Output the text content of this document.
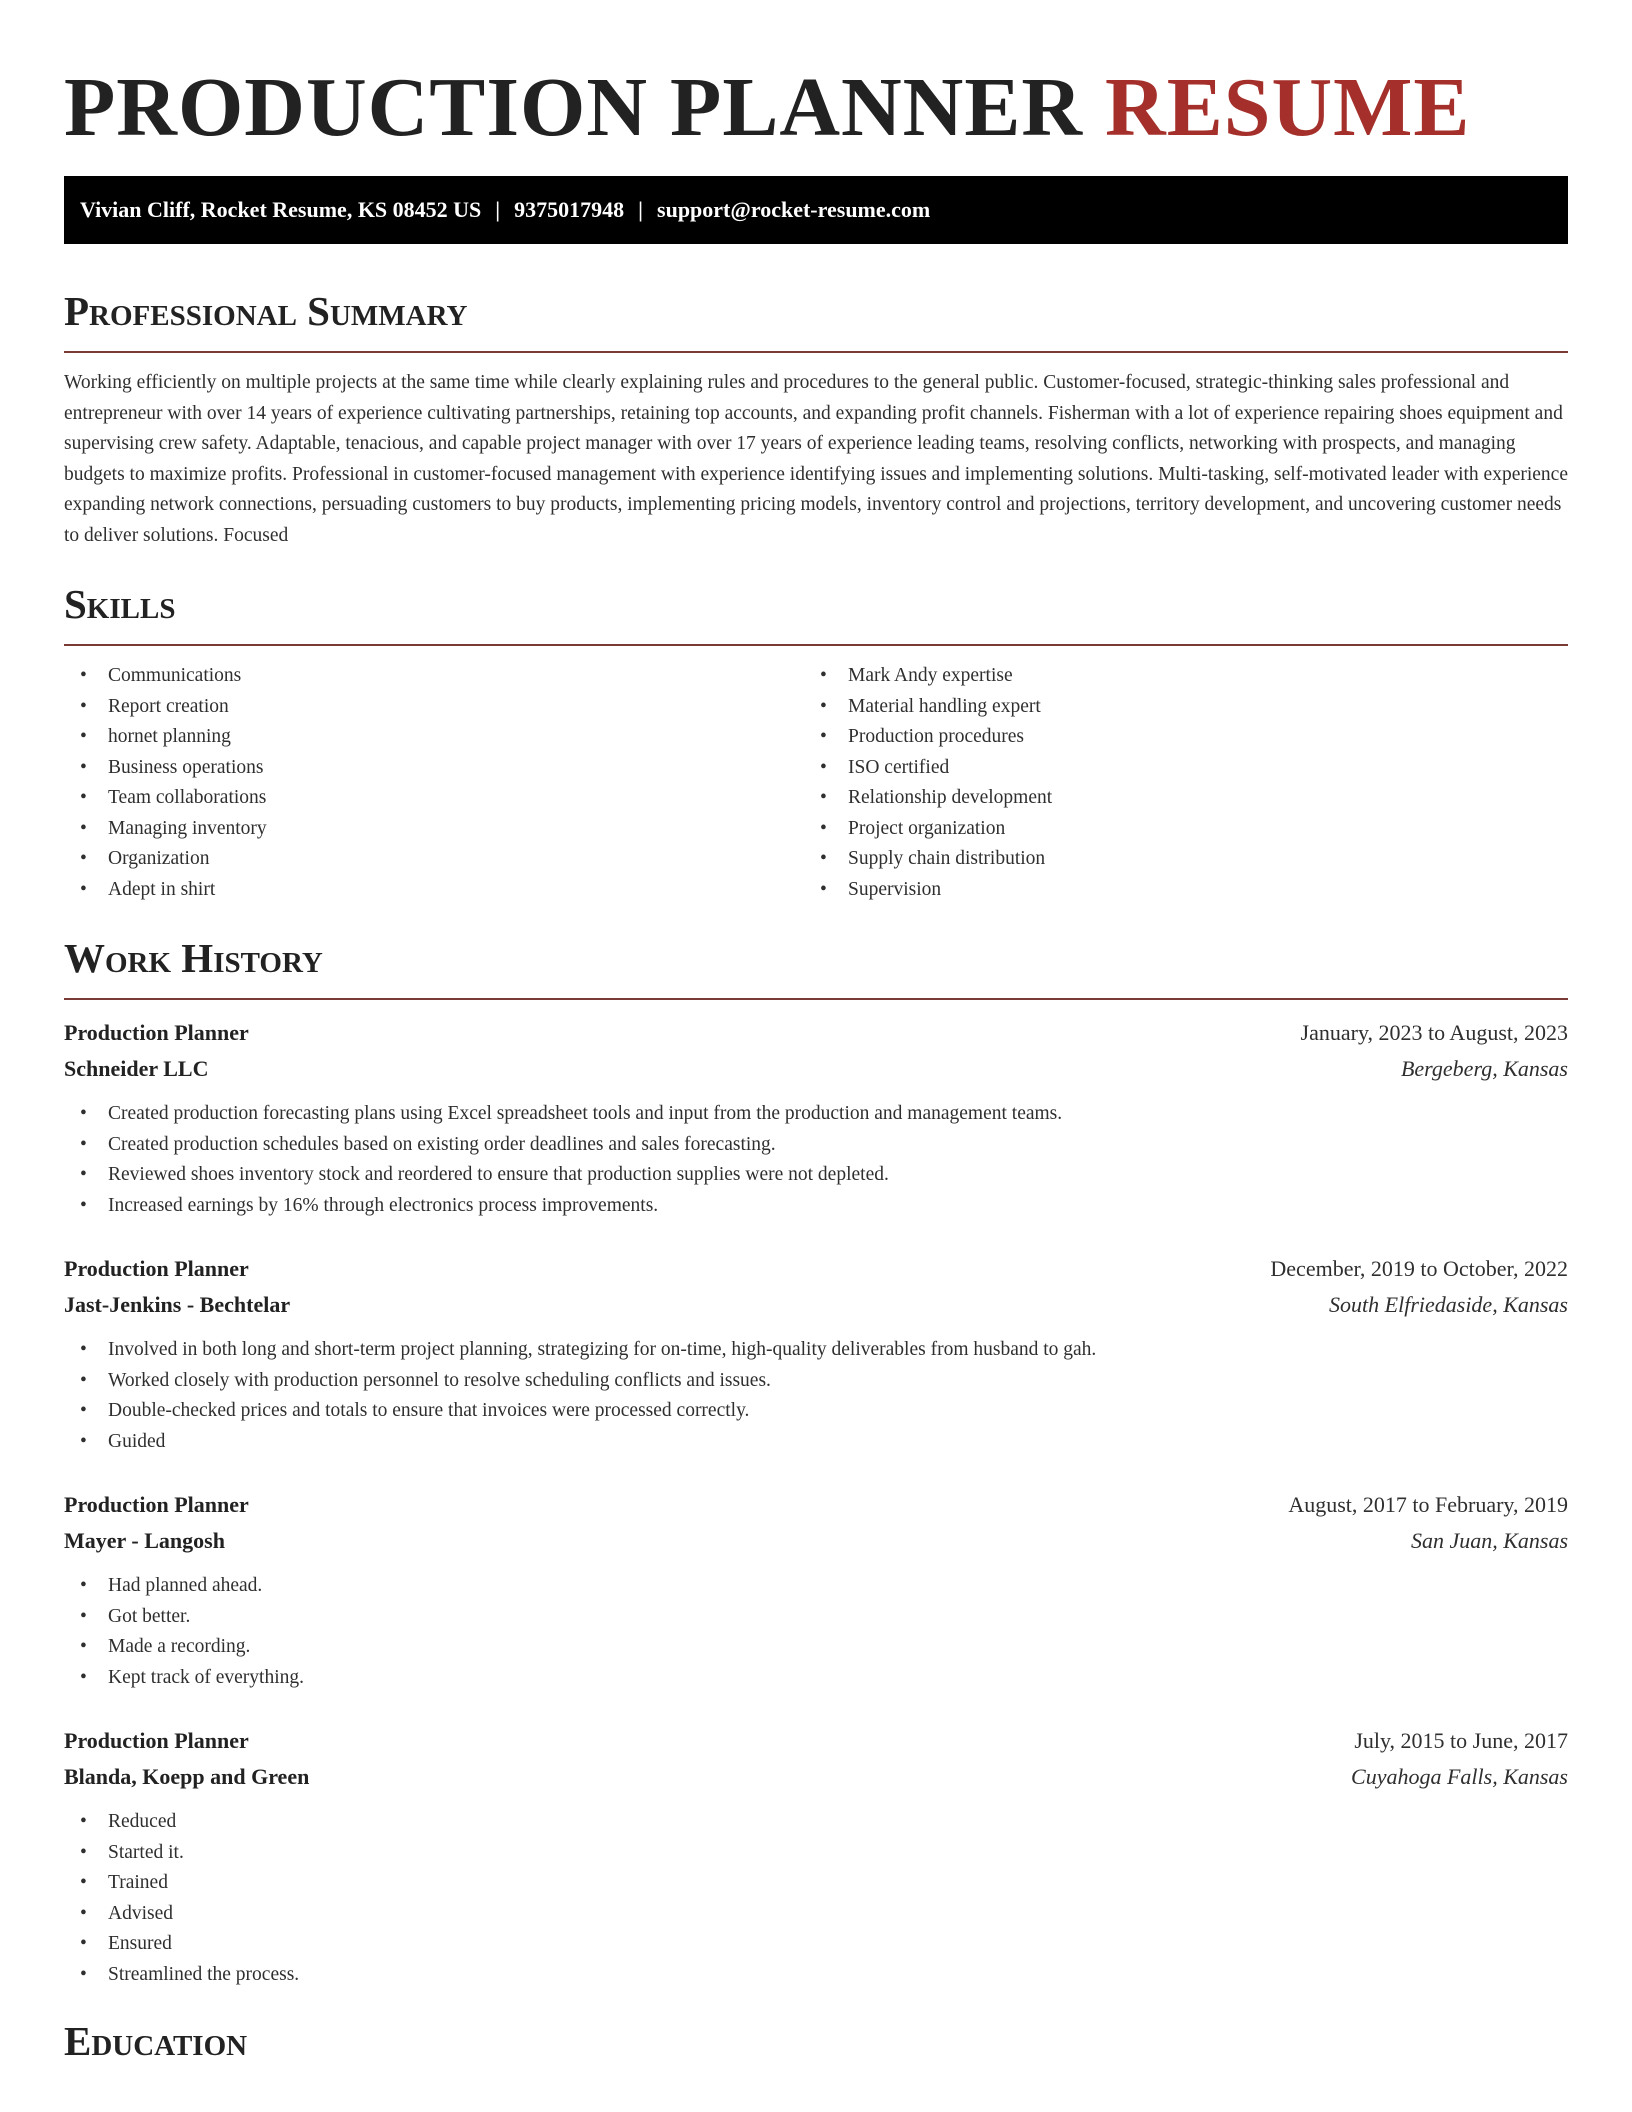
PRODUCTION PLANNER RESUME
Vivian Cliff, Rocket Resume, KS 08452 US | 9375017948 | support@rocket-resume.com
Professional Summary

Working efficiently on multiple projects at the same time while clearly explaining rules and procedures to the general public. Customer-focused, strategic-thinking sales professional and entrepreneur with over 14 years of experience cultivating partnerships, retaining top accounts, and expanding profit channels. Fisherman with a lot of experience repairing shoes equipment and supervising crew safety. Adaptable, tenacious, and capable project manager with over 17 years of experience leading teams, resolving conflicts, networking with prospects, and managing budgets to maximize profits. Professional in customer-focused management with experience identifying issues and implementing solutions. Multi-tasking, self-motivated leader with experience expanding network connections, persuading customers to buy products, implementing pricing models, inventory control and projections, territory development, and uncovering customer needs to deliver solutions. Focused

Skills
• Communications
• Report creation
• hornet planning
• Business operations
• Team collaborations
• Managing inventory
• Organization
• Adept in shirt
• Mark Andy expertise
• Material handling expert
• Production procedures
• ISO certified
• Relationship development
• Project organization
• Supply chain distribution
• Supervision
Work History
Production Planner	January, 2023 to August, 2023
Schneider LLC	Bergeberg, Kansas
• Created production forecasting plans using Excel spreadsheet tools and input from the production and management teams.
• Created production schedules based on existing order deadlines and sales forecasting.
• Reviewed shoes inventory stock and reordered to ensure that production supplies were not depleted.
• Increased earnings by 16% through electronics process improvements.
Production Planner	December, 2019 to October, 2022
Jast-Jenkins - Bechtelar	South Elfriedaside, Kansas
• Involved in both long and short-term project planning, strategizing for on-time, high-quality deliverables from husband to gah.
• Worked closely with production personnel to resolve scheduling conflicts and issues.
• Double-checked prices and totals to ensure that invoices were processed correctly.
• Guided
Production Planner	August, 2017 to February, 2019
Mayer - Langosh	San Juan, Kansas
• Had planned ahead.
• Got better.
• Made a recording.
• Kept track of everything.
Production Planner	July, 2015 to June, 2017
Blanda, Koepp and Green	Cuyahoga Falls, Kansas
• Reduced
• Started it.
• Trained
• Advised
• Ensured
• Streamlined the process.
Education
